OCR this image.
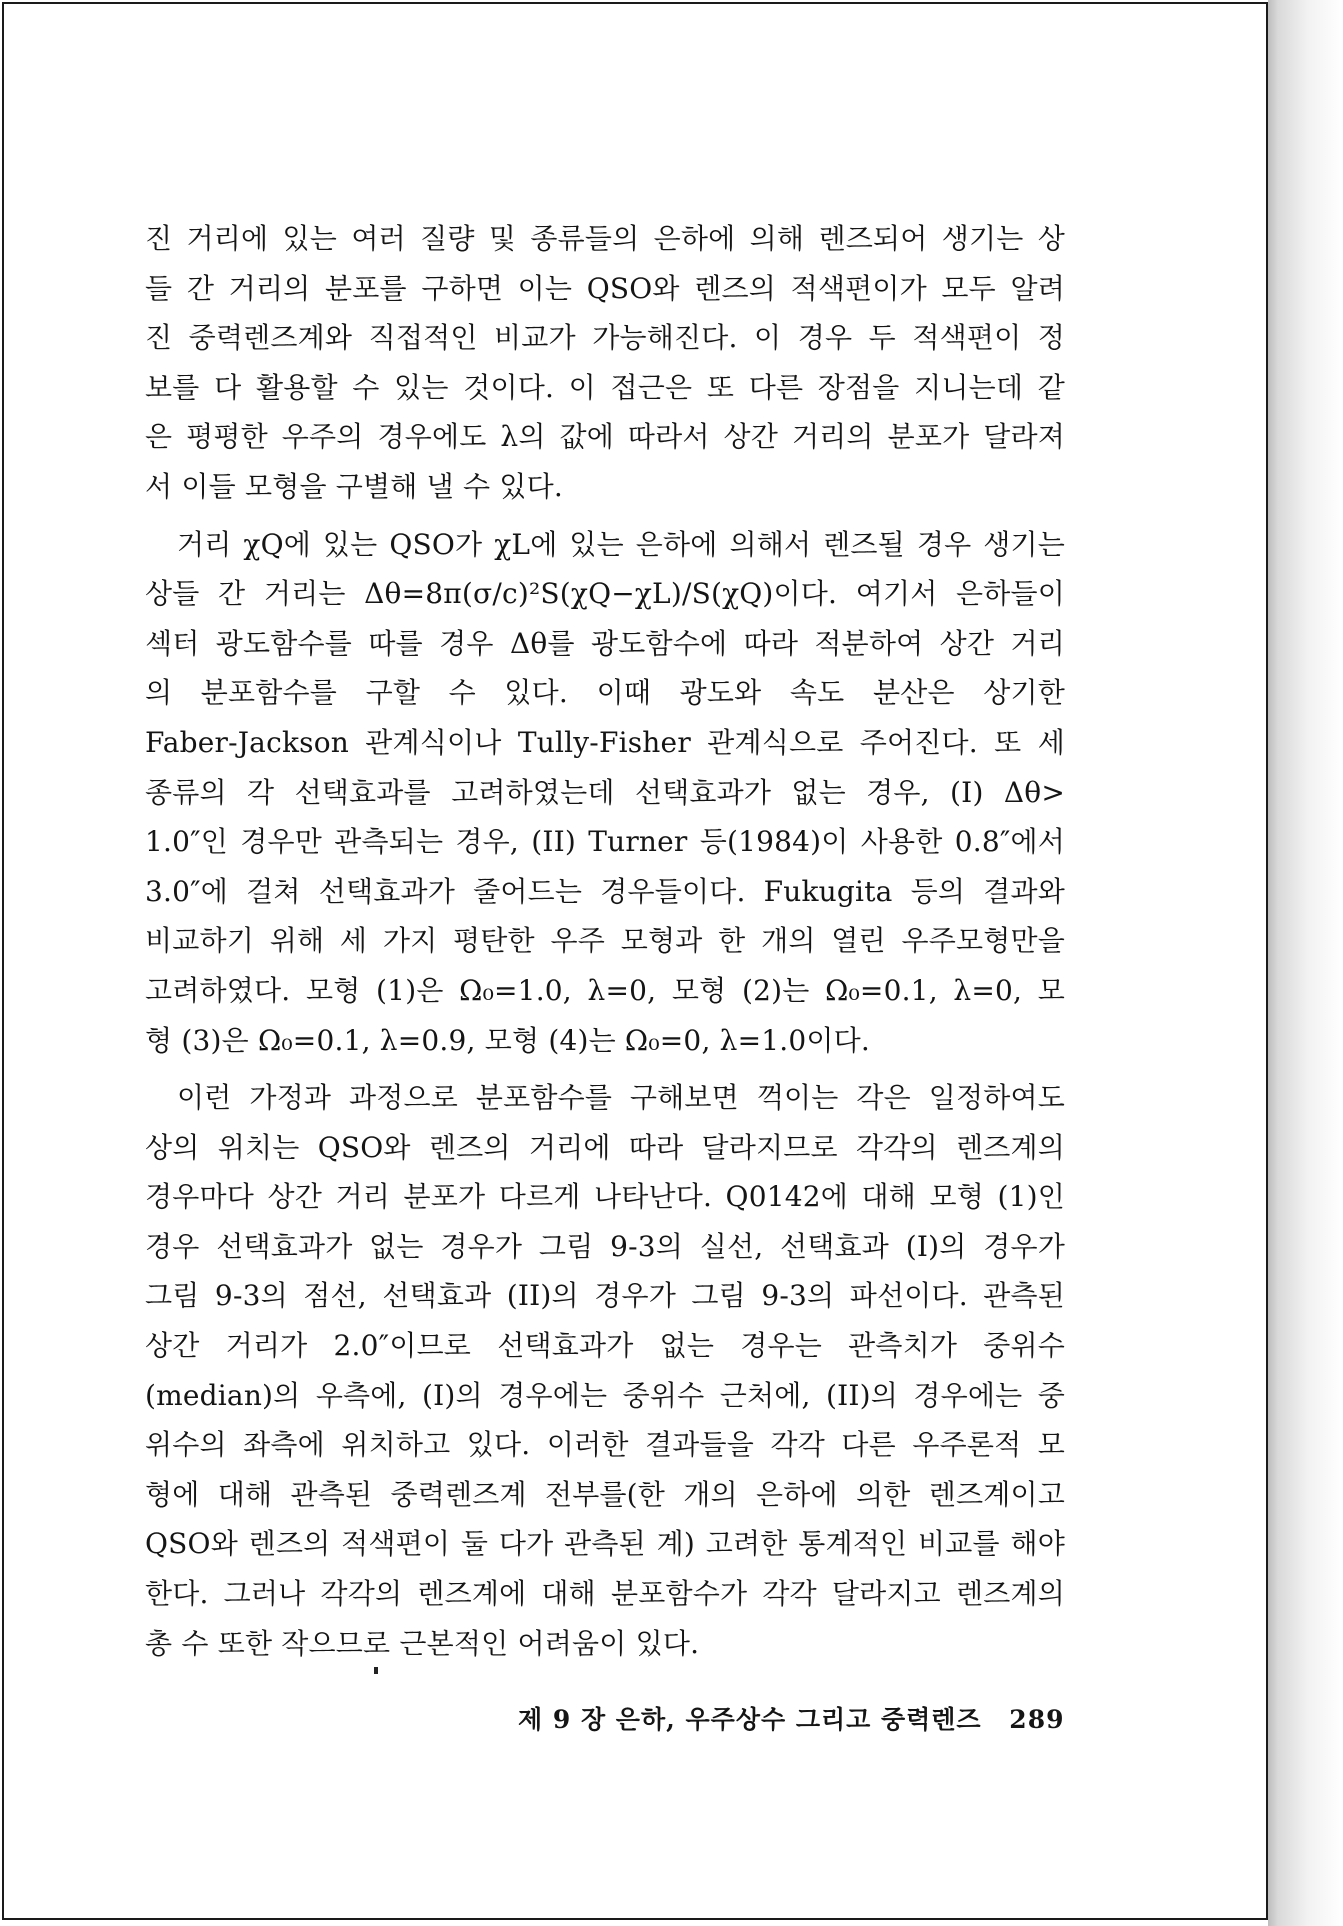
진 거리에 있는 여러 질량 및 종류들의 은하에 의해 렌즈되어 생기는 상
들 간 거리의 분포를 구하면 이는 QSO와 렌즈의 적색편이가 모두 알려
진 중력렌즈계와 직접적인 비교가 가능해진다. 이 경우 두 적색편이 정
보를 다 활용할 수 있는 것이다. 이 접근은 또 다른 장점을 지니는데 같
은 평평한 우주의 경우에도 λ의 값에 따라서 상간 거리의 분포가 달라져
서 이들 모형을 구별해 낼 수 있다.
거리 χQ에 있는 QSO가 χL에 있는 은하에 의해서 렌즈될 경우 생기는
상들 간 거리는 Δθ=8π(σ/c)²S(χQ−χL)/S(χQ)이다. 여기서 은하들이
섹터 광도함수를 따를 경우 Δθ를 광도함수에 따라 적분하여 상간 거리
의 분포함수를 구할 수 있다. 이때 광도와 속도 분산은 상기한
Faber-Jackson 관계식이나 Tully-Fisher 관계식으로 주어진다. 또 세
종류의 각 선택효과를 고려하였는데 선택효과가 없는 경우, (I) Δθ>
1.0″인 경우만 관측되는 경우, (II) Turner 등(1984)이 사용한 0.8″에서
3.0″에 걸쳐 선택효과가 줄어드는 경우들이다. Fukugita 등의 결과와
비교하기 위해 세 가지 평탄한 우주 모형과 한 개의 열린 우주모형만을
고려하였다. 모형 (1)은 Ω₀=1.0, λ=0, 모형 (2)는 Ω₀=0.1, λ=0, 모
형 (3)은 Ω₀=0.1, λ=0.9, 모형 (4)는 Ω₀=0, λ=1.0이다.
이런 가정과 과정으로 분포함수를 구해보면 꺽이는 각은 일정하여도
상의 위치는 QSO와 렌즈의 거리에 따라 달라지므로 각각의 렌즈계의
경우마다 상간 거리 분포가 다르게 나타난다. Q0142에 대해 모형 (1)인
경우 선택효과가 없는 경우가 그림 9-3의 실선, 선택효과 (I)의 경우가
그림 9-3의 점선, 선택효과 (II)의 경우가 그림 9-3의 파선이다. 관측된
상간 거리가 2.0″이므로 선택효과가 없는 경우는 관측치가 중위수
(median)의 우측에, (I)의 경우에는 중위수 근처에, (II)의 경우에는 중
위수의 좌측에 위치하고 있다. 이러한 결과들을 각각 다른 우주론적 모
형에 대해 관측된 중력렌즈계 전부를(한 개의 은하에 의한 렌즈계이고
QSO와 렌즈의 적색편이 둘 다가 관측된 계) 고려한 통계적인 비교를 해야
한다. 그러나 각각의 렌즈계에 대해 분포함수가 각각 달라지고 렌즈계의
총 수 또한 작으므로 근본적인 어려움이 있다.
제 9 장 은하, 우주상수 그리고 중력렌즈 289
